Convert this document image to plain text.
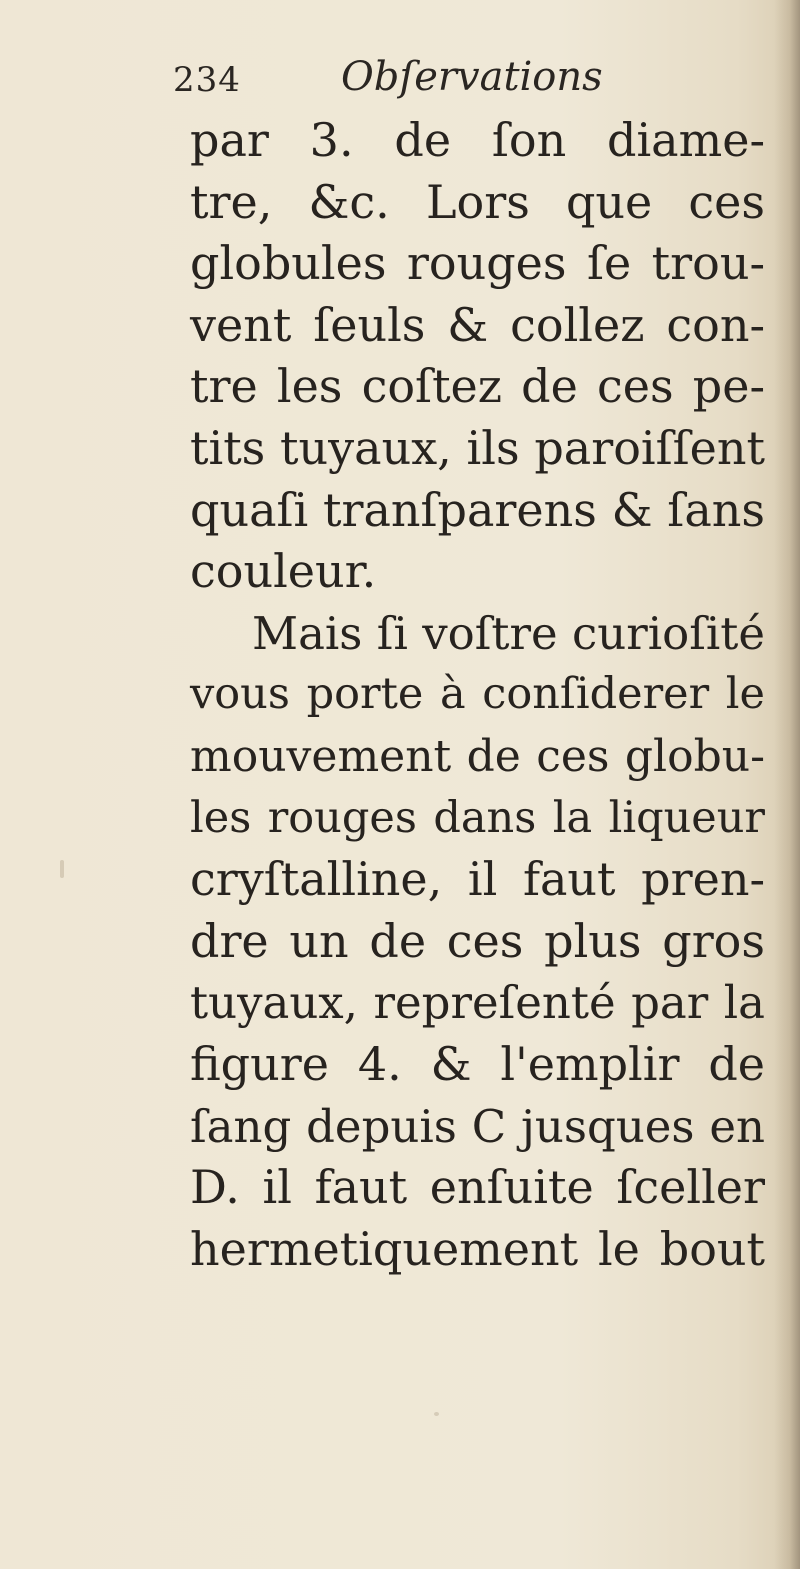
234	Obſervations
par 3. de ſon diame-
tre, &c. Lors que ces
globules rouges ſe trou-
vent ſeuls & collez con-
tre les coſtez de ces pe-
tits tuyaux, ils paroiſſent
quaſi tranſparens & ſans
couleur.
Mais ſi voſtre curioſité
vous porte à conſiderer le
mouvement de ces globu-
les rouges dans la liqueur
cryſtalline, il faut pren-
dre un de ces plus gros
tuyaux, repreſenté par la
figure 4. & l'emplir de
ſang depuis C jusques en
D. il faut enſuite ſceller
hermetiquement le bout
